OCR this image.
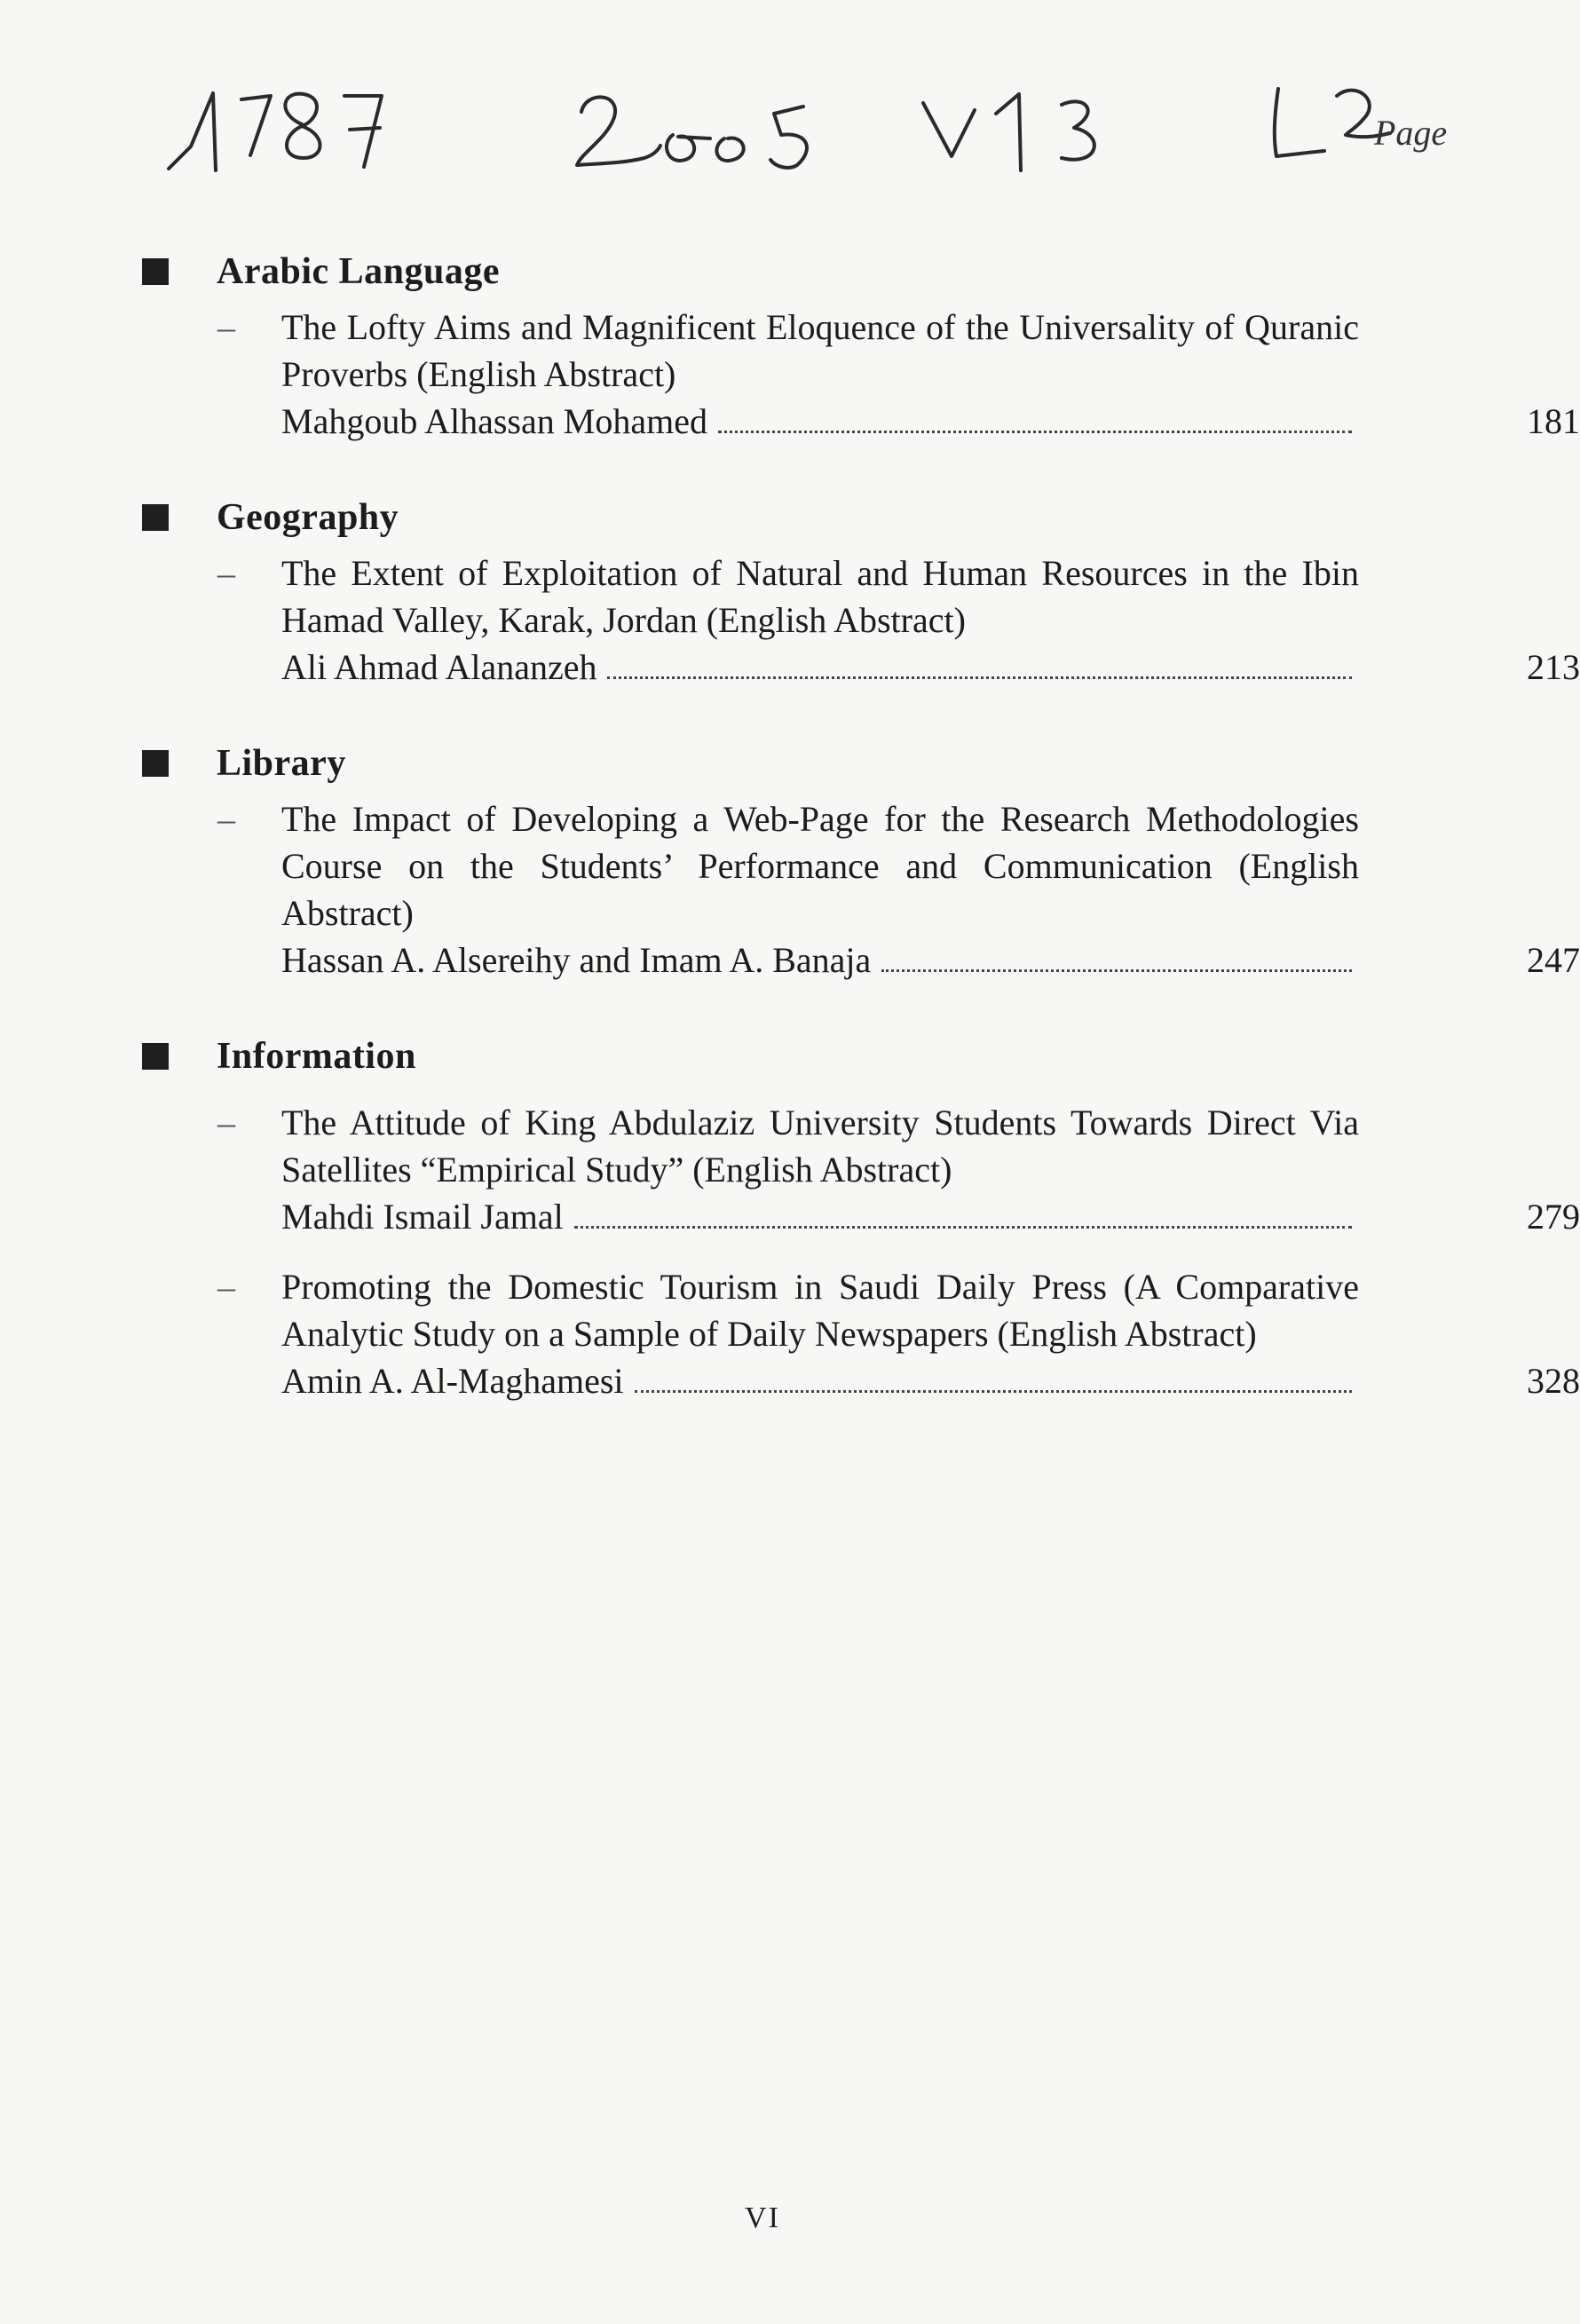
Page
Arabic Language
– The Lofty Aims and Magnificent Eloquence of the Universality of Quranic Proverbs (English Abstract)
Mahgoub Alhassan Mohamed	181
Geography
– The Extent of Exploitation of Natural and Human Resources in the Ibin Hamad Valley, Karak, Jordan (English Abstract)
Ali Ahmad Alananzeh	213
Library
– The Impact of Developing a Web-Page for the Research Methodologies Course on the Students’ Performance and Communication (English Abstract)
Hassan A. Alsereihy and Imam A. Banaja	247
Information
– The Attitude of King Abdulaziz University Students Towards Direct Via Satellites “Empirical Study” (English Abstract)
Mahdi Ismail Jamal	279
– Promoting the Domestic Tourism in Saudi Daily Press (A Comparative Analytic Study on a Sample of Daily Newspapers (English Abstract)
Amin A. Al-Maghamesi	328
VI
